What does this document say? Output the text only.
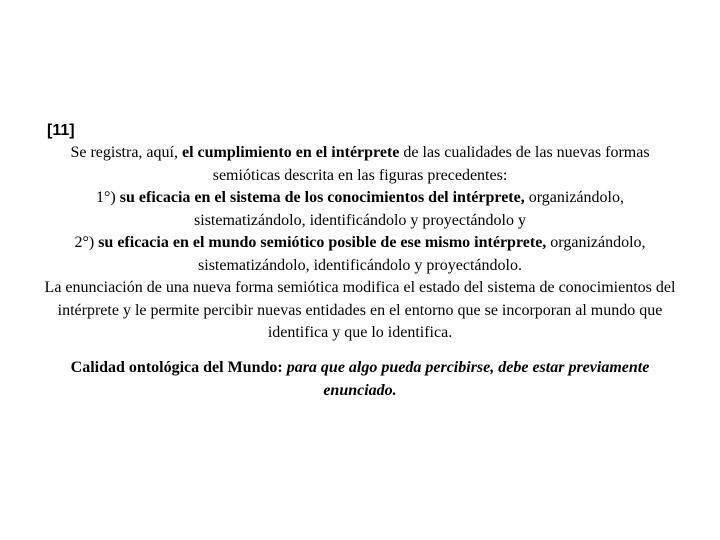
[11]
Se registra, aquí, el cumplimiento en el intérprete de las cualidades de las nuevas formas semióticas descrita en las figuras precedentes:
1°) su eficacia en el sistema de los conocimientos del intérprete, organizándolo, sistematizándolo, identificándolo y proyectándolo y
2°) su eficacia en el mundo semiótico posible de ese mismo intérprete, organizándolo, sistematizándolo, identificándolo y proyectándolo.
La enunciación de una nueva forma semiótica modifica el estado del sistema de conocimientos del intérprete y le permite percibir nuevas entidades en el entorno que se incorporan al mundo que identifica y que lo identifica.
Calidad ontológica del Mundo: para que algo pueda percibirse, debe estar previamente enunciado.
